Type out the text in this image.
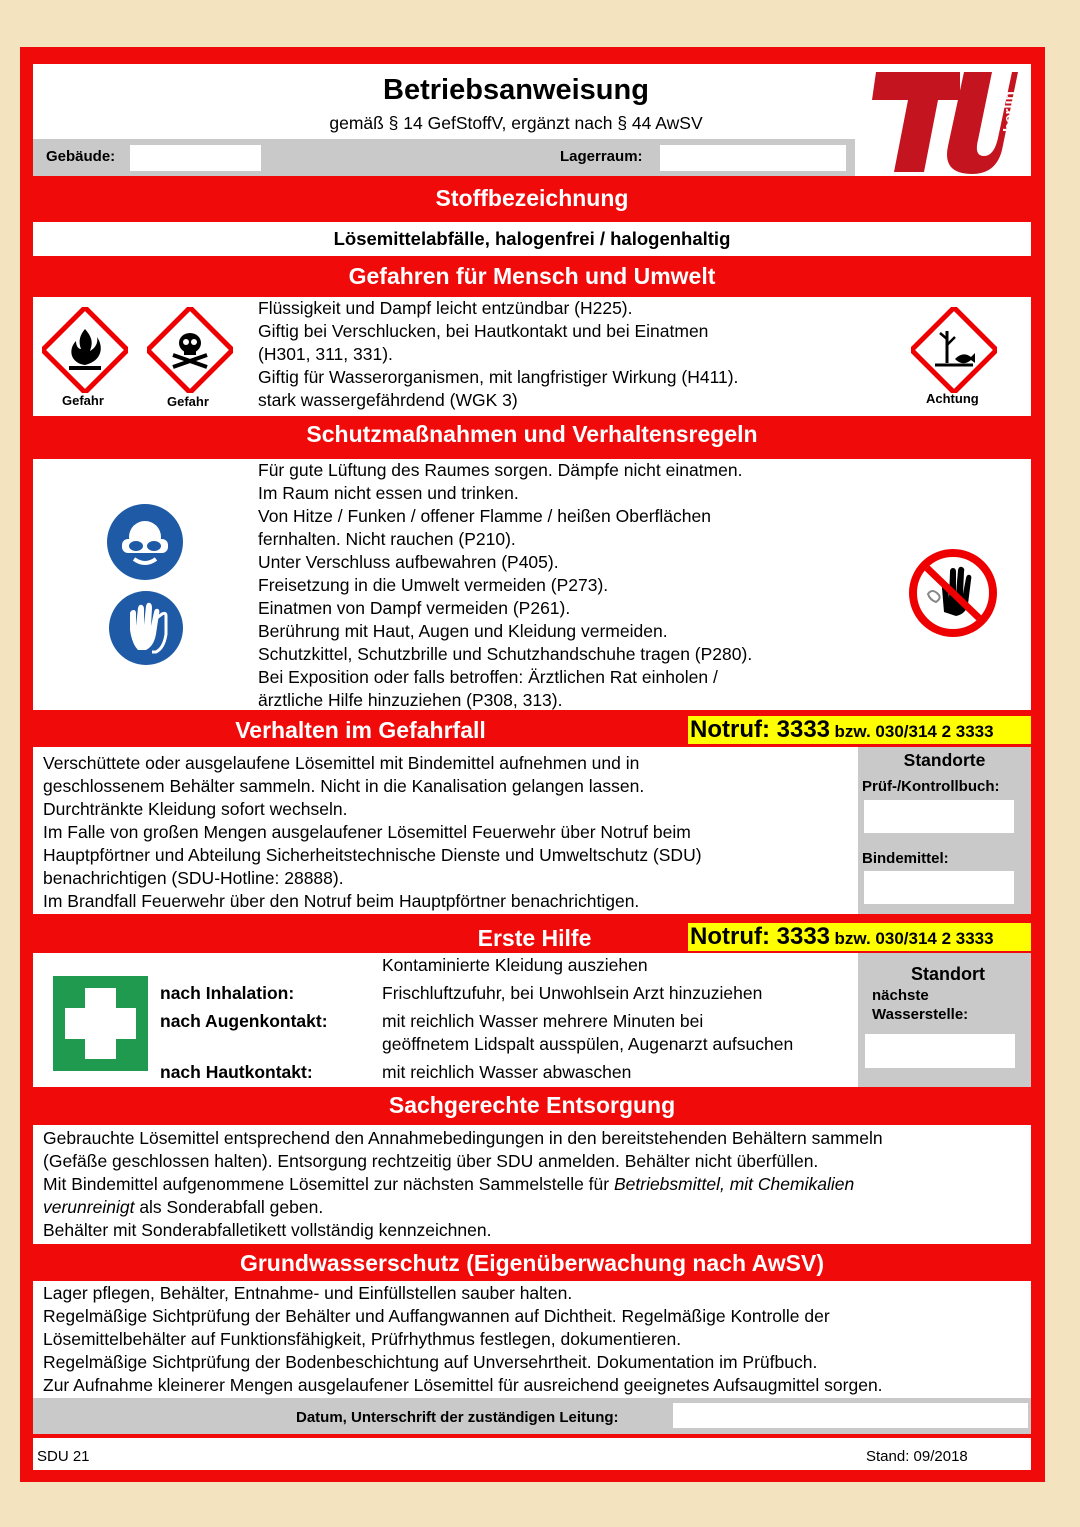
Betriebsanweisung
gemäß § 14 GefStoffV, ergänzt nach § 44 AwSV
Gebäude:	Lagerraum:
berlin
Stoffbezeichnung
Lösemittelabfälle, halogenfrei / halogenhaltig
Gefahren für Mensch und Umwelt
Gefahr	Gefahr	Achtung
Flüssigkeit und Dampf leicht entzündbar (H225).
Giftig bei Verschlucken, bei Hautkontakt und bei Einatmen
(H301, 311, 331).
Giftig für Wasserorganismen, mit langfristiger Wirkung (H411).
stark wassergefährdend (WGK 3)
Schutzmaßnahmen und Verhaltensregeln
Für gute Lüftung des Raumes sorgen. Dämpfe nicht einatmen.
Im Raum nicht essen und trinken.
Von Hitze / Funken / offener Flamme / heißen Oberflächen
fernhalten. Nicht rauchen (P210).
Unter Verschluss aufbewahren (P405).
Freisetzung in die Umwelt vermeiden (P273).
Einatmen von Dampf vermeiden (P261).
Berührung mit Haut, Augen und Kleidung vermeiden.
Schutzkittel, Schutzbrille und Schutzhandschuhe tragen (P280).
Bei Exposition oder falls betroffen: Ärztlichen Rat einholen /
ärztliche Hilfe hinzuziehen (P308, 313).
Verhalten im Gefahrfall	Notruf: 3333 bzw. 030/314 2 3333
Verschüttete oder ausgelaufene Lösemittel mit Bindemittel aufnehmen und in
geschlossenem Behälter sammeln. Nicht in die Kanalisation gelangen lassen.
Durchtränkte Kleidung sofort wechseln.
Im Falle von großen Mengen ausgelaufener Lösemittel Feuerwehr über Notruf beim
Hauptpförtner und Abteilung Sicherheitstechnische Dienste und Umweltschutz (SDU)
benachrichtigen (SDU-Hotline: 28888).
Im Brandfall Feuerwehr über den Notruf beim Hauptpförtner benachrichtigen.
Standorte
Prüf-/Kontrollbuch:
Bindemittel:
Erste Hilfe	Notruf: 3333 bzw. 030/314 2 3333
Kontaminierte Kleidung ausziehen
nach Inhalation:	Frischluftzufuhr, bei Unwohlsein Arzt hinzuziehen
nach Augenkontakt:	mit reichlich Wasser mehrere Minuten bei
geöffnetem Lidspalt ausspülen, Augenarzt aufsuchen
nach Hautkontakt:	mit reichlich Wasser abwaschen
Standort
nächste
Wasserstelle:
Sachgerechte Entsorgung
Gebrauchte Lösemittel entsprechend den Annahmebedingungen in den bereitstehenden Behältern sammeln
(Gefäße geschlossen halten). Entsorgung rechtzeitig über SDU anmelden. Behälter nicht überfüllen.
Mit Bindemittel aufgenommene Lösemittel zur nächsten Sammelstelle für Betriebsmittel, mit Chemikalien
verunreinigt als Sonderabfall geben.
Behälter mit Sonderabfalletikett vollständig kennzeichnen.
Grundwasserschutz (Eigenüberwachung nach AwSV)
Lager pflegen, Behälter, Entnahme- und Einfüllstellen sauber halten.
Regelmäßige Sichtprüfung der Behälter und Auffangwannen auf Dichtheit. Regelmäßige Kontrolle der
Lösemittelbehälter auf Funktionsfähigkeit, Prüfrhythmus festlegen, dokumentieren.
Regelmäßige Sichtprüfung der Bodenbeschichtung auf Unversehrtheit. Dokumentation im Prüfbuch.
Zur Aufnahme kleinerer Mengen ausgelaufener Lösemittel für ausreichend geeignetes Aufsaugmittel sorgen.
Datum, Unterschrift der zuständigen Leitung:
SDU 21	Stand: 09/2018
